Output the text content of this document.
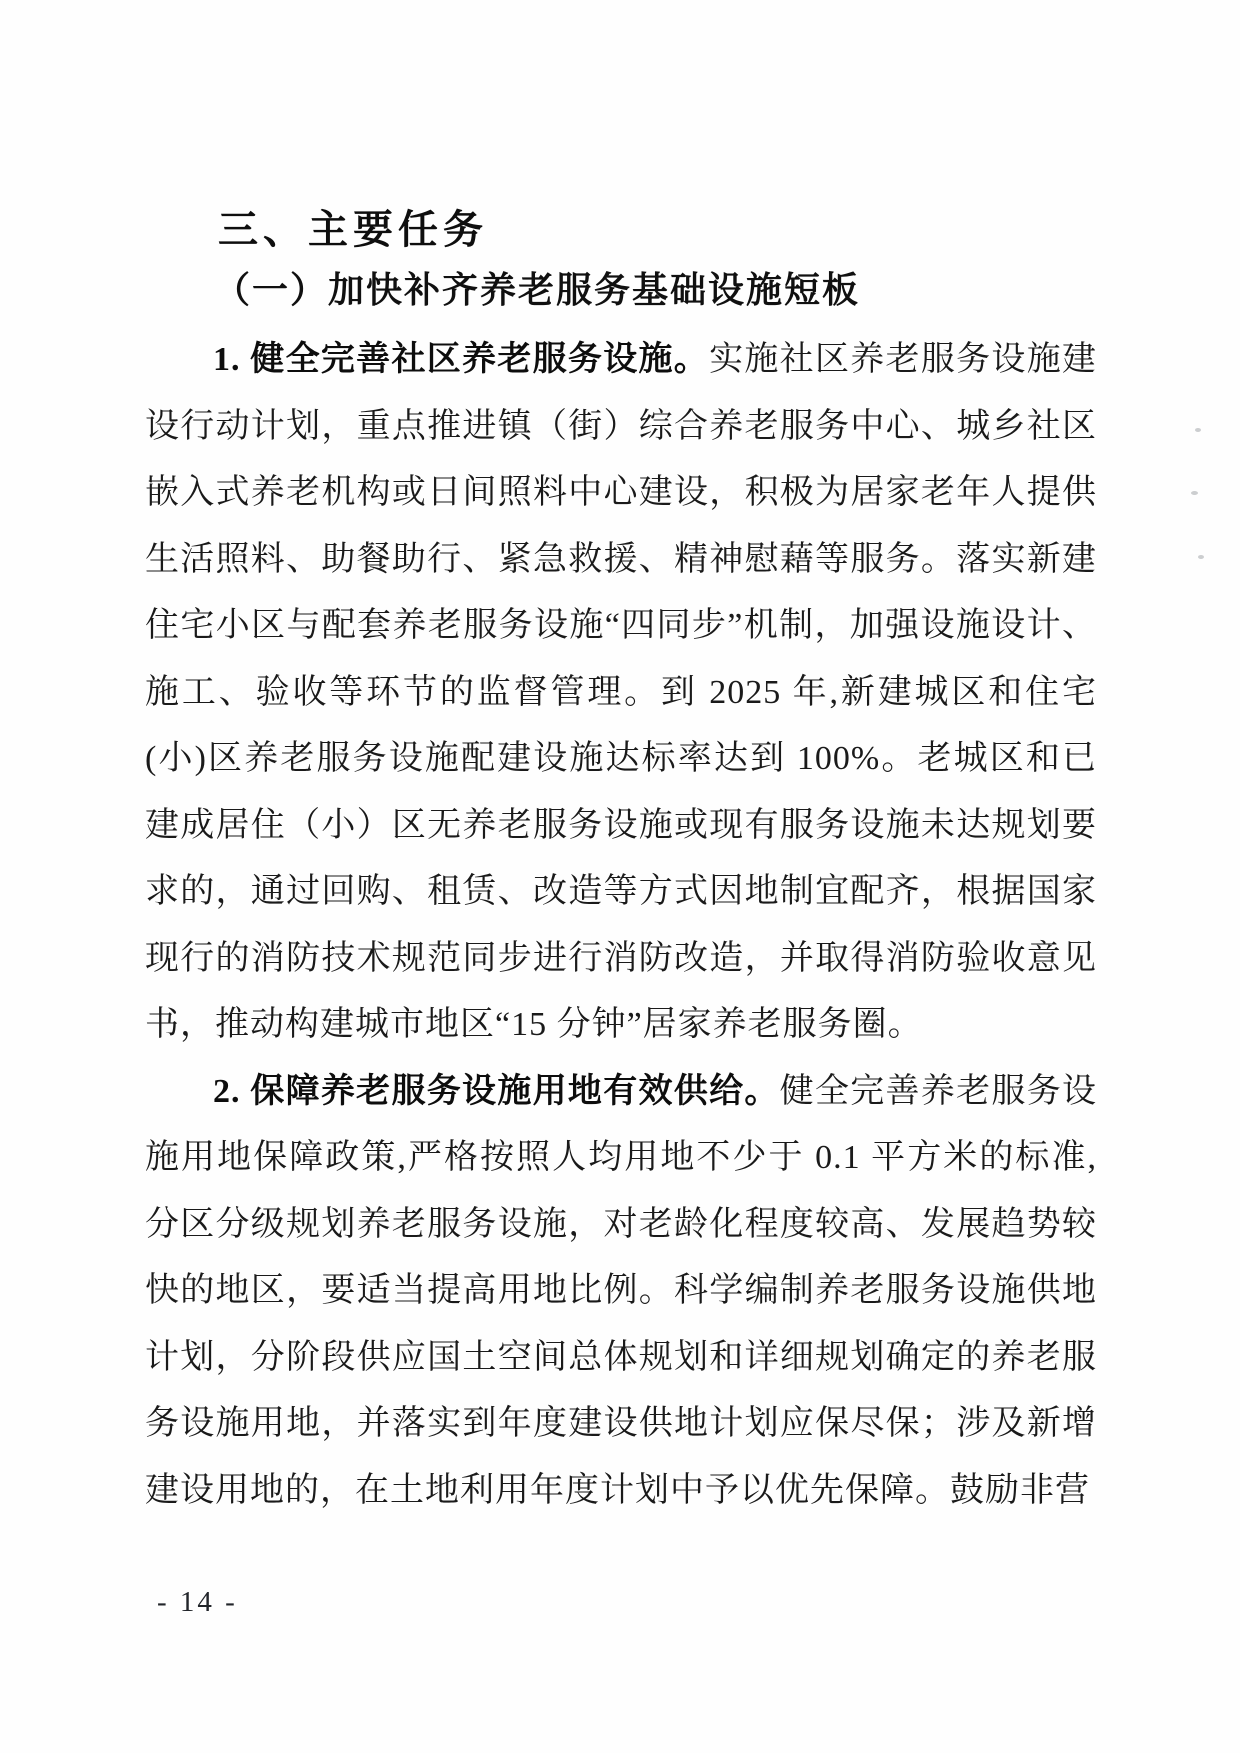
三、主要任务
（一）加快补齐养老服务基础设施短板

1. 健全完善社区养老服务设施。实施社区养老服务设施建设行动计划，重点推进镇（街）综合养老服务中心、城乡社区嵌入式养老机构或日间照料中心建设，积极为居家老年人提供生活照料、助餐助行、紧急救援、精神慰藉等服务。落实新建住宅小区与配套养老服务设施“四同步”机制，加强设施设计、施工、验收等环节的监督管理。到 2025 年,新建城区和住宅(小)区养老服务设施配建设施达标率达到 100%。老城区和已建成居住（小）区无养老服务设施或现有服务设施未达规划要求的，通过回购、租赁、改造等方式因地制宜配齐，根据国家现行的消防技术规范同步进行消防改造，并取得消防验收意见书，推动构建城市地区“15 分钟”居家养老服务圈。

2. 保障养老服务设施用地有效供给。健全完善养老服务设施用地保障政策,严格按照人均用地不少于 0.1 平方米的标准,分区分级规划养老服务设施，对老龄化程度较高、发展趋势较快的地区，要适当提高用地比例。科学编制养老服务设施供地计划，分阶段供应国土空间总体规划和详细规划确定的养老服务设施用地，并落实到年度建设供地计划应保尽保；涉及新增建设用地的，在土地利用年度计划中予以优先保障。鼓励非营

- 14 -
